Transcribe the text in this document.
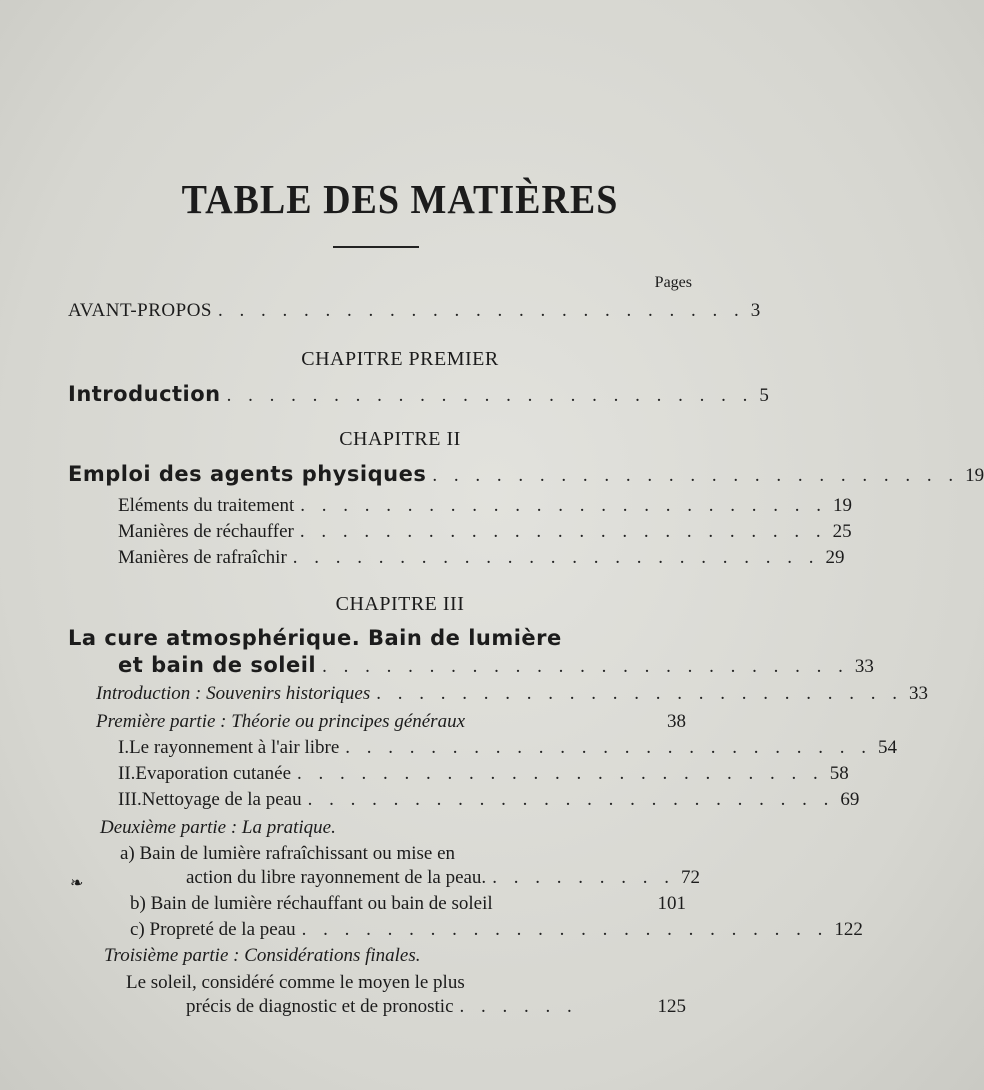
TABLE DES MATIÈRES
Pages
AVANT-PROPOS . . . . . . . . . . . . . . . . . . . . . . . . . 3
CHAPITRE PREMIER
Introduction . . . . . . . . . . . . . . . . . . . . . . . . . 5
CHAPITRE II
Emploi des agents physiques . . . . . . . . . . . . . . . . . . . . . . . . . 19
Eléments du traitement . . . . . . . . . . . . . . . . . . . . . . . . . 19
Manières de réchauffer . . . . . . . . . . . . . . . . . . . . . . . . . 25
Manières de rafraîchir . . . . . . . . . . . . . . . . . . . . . . . . . 29
CHAPITRE III
La cure atmosphérique. Bain de lumière
et bain de soleil . . . . . . . . . . . . . . . . . . . . . . . . . 33
Introduction : Souvenirs historiques . . . . . . . . . . . . . . . . . . . . . . . . . 33
Première partie : Théorie ou principes généraux	38
I. Le rayonnement à l'air libre . . . . . . . . . . . . . . . . . . . . . . . . . 54
II. Evaporation cutanée . . . . . . . . . . . . . . . . . . . . . . . . . 58
III. Nettoyage de la peau . . . . . . . . . . . . . . . . . . . . . . . . . 69
Deuxième partie : La pratique.
a) Bain de lumière rafraîchissant ou mise en
❧	action du libre rayonnement de la peau. . . . . . . . . . 72
b) Bain de lumière réchauffant ou bain de soleil	101
c) Propreté de la peau . . . . . . . . . . . . . . . . . . . . . . . . . 122
Troisième partie : Considérations finales.
Le soleil, considéré comme le moyen le plus
précis de diagnostic et de pronostic . . . . . .	125
